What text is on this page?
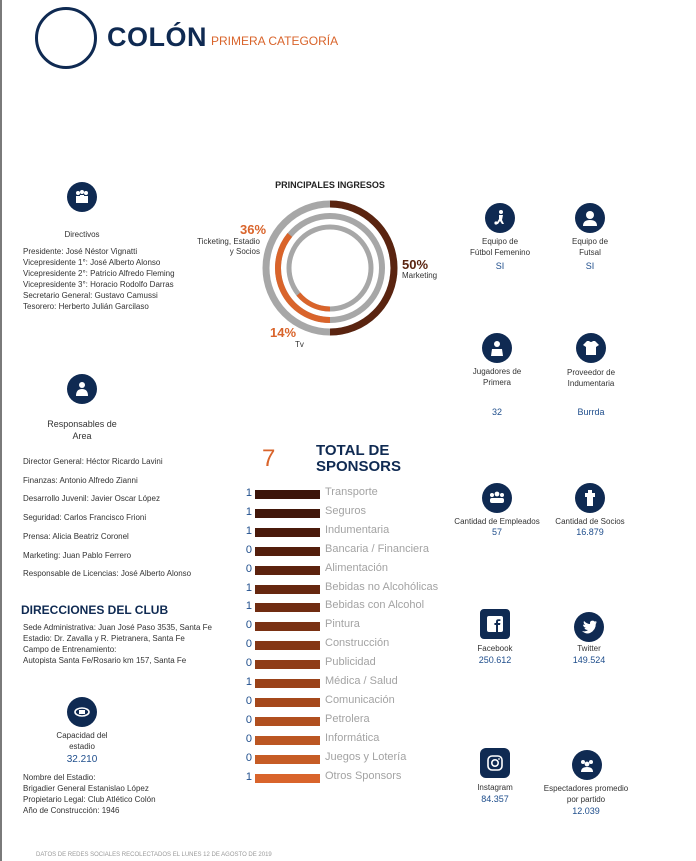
COLÓN PRIMERA CATEGORÍA
Directivos
Presidente: José Néstor Vignatti
Vicepresidente 1°: José Alberto Alonso
Vicepresidente 2°: Patricio Alfredo Fleming
Vicepresidente 3°: Horacio Rodolfo Darras
Secretario General: Gustavo Camussi
Tesorero: Herberto Julián Garcilaso
Responsables de
Area
Director General: Héctor Ricardo Lavini
Finanzas: Antonio Alfredo Zianni
Desarrollo Juvenil: Javier Oscar López
Seguridad: Carlos Francisco Frioni
Prensa: Alicia Beatriz Coronel
Marketing: Juan Pablo Ferrero
Responsable de Licencias: José Alberto Alonso
DIRECCIONES DEL CLUB
Sede Administrativa: Juan José Paso 3535, Santa Fe
Estadio: Dr. Zavalla y R. Pietranera, Santa Fe
Campo de Entrenamiento:
Autopista Santa Fe/Rosario km 157, Santa Fe
Capacidad del
estadio
32.210
Nombre del Estadio:
Brigadier General Estanislao López
Propietario Legal: Club Atlético Colón
Año de Construcción: 1946
PRINCIPALES INGRESOS
36%
Ticketing, Estadio
y Socios
50%
Marketing
14%
Tv
7	TOTAL DE
SPONSORS
1	Transporte
1	Seguros
1	Indumentaria
0	Bancaria / Financiera
0	Alimentación
1	Bebidas no Alcohólicas
1	Bebidas con Alcohol
0	Pintura
0	Construcción
0	Publicidad
1	Médica / Salud
0	Comunicación
0	Petrolera
0	Informática
0	Juegos y Lotería
1	Otros Sponsors
Equipo de
Fútbol Femenino
SI
Equipo de
Futsal
SI
Jugadores de
Primera
32
Proveedor de
Indumentaria
Burrda
Cantidad de Empleados
57
Cantidad de Socios
16.879
Facebook
250.612
Twitter
149.524
Instagram
84.357
Espectadores promedio
por partido
12.039
DATOS DE REDES SOCIALES RECOLECTADOS EL LUNES 12 DE AGOSTO DE 2019
